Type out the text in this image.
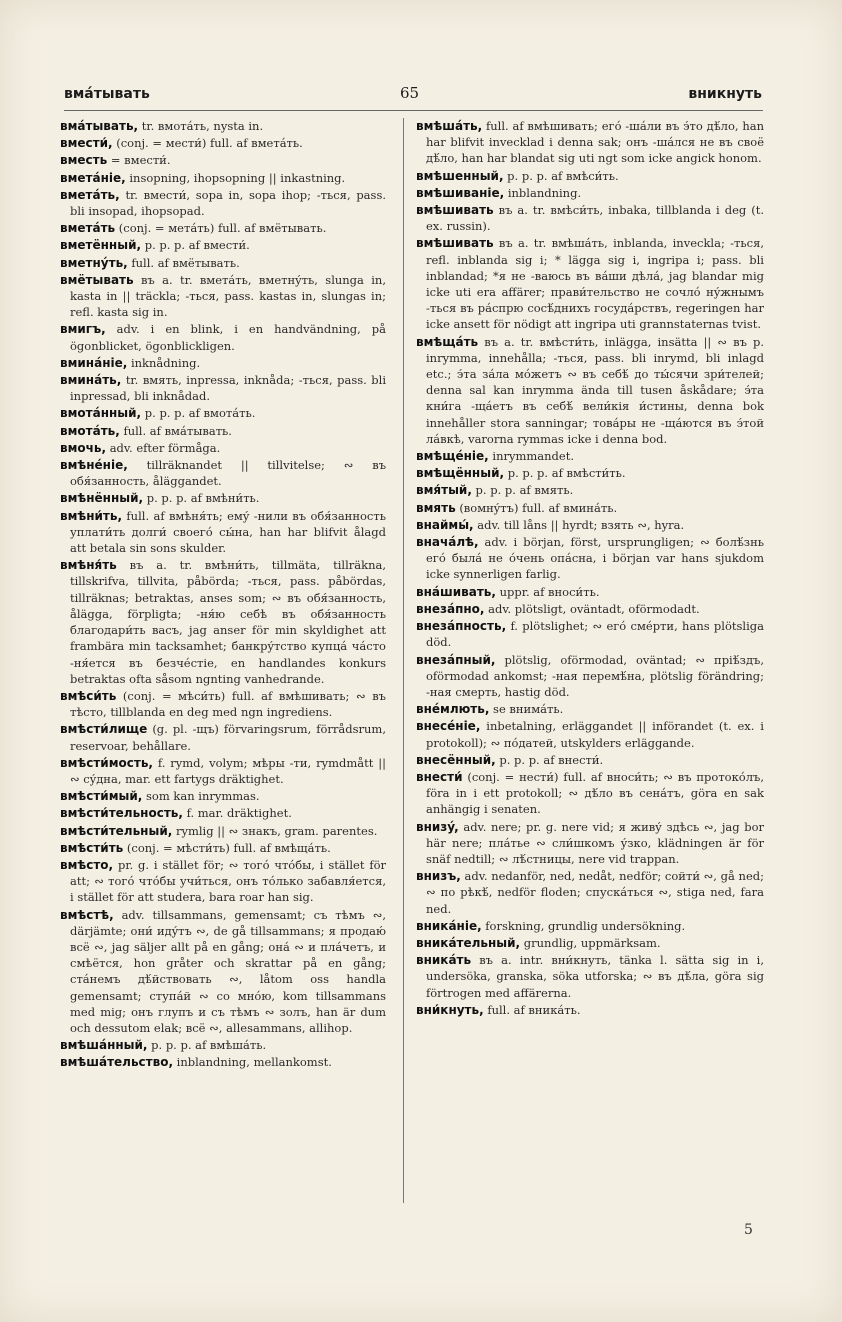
вмáтывать	65	вникнуть

вмáтывать, tr. вмотáть, nysta in.

вмести́, (conj. = мести́) full. af вметáть.

вместь = вмести́.

вметáніе, insopning, ihopsopning || inkastning.

вметáть, tr. вмести́, sopa in, sopa ihop; -ться, pass. bli insopad, ihopsopad.

вметáть (conj. = метáть) full. af вмётывать.

вметённый, p. p. p. af вмести́.

вметнýть, full. af вмётывать.

вмётывать въ a. tr. вметáть, вметнýть, slunga in, kasta in || träckla; -ться, pass. kastas in, slungas in; refl. kasta sig in.

вмигъ, adv. i en blink, i en handvändning, på ögonblicket, ögonblickligen.

вминáніе, inknådning.

вминáть, tr. вмять, inpressa, inknåda; -ться, pass. bli inpressad, bli inknådad.

вмотáнный, p. p. p. af вмотáть.

вмотáть, full. af вмáтывать.

вмочь, adv. efter förmåga.

вмѣнéніе, tillräknandet || tillvitelse; ∾ въ обя́занность, åläggandet.

вмѣнённый, p. p. p. af вмѣни́ть.

вмѣни́ть, full. af вмѣня́ть; емý -нили въ обя́занность уплати́ть долги́ своегó сы́на, han har blifvit ålagd att betala sin sons skulder.

вмѣня́ть въ a. tr. вмѣни́ть, tillmäta, tillräkna, tillskrifva, tillvita, påbörda; -ться, pass. påbördas, tillräknas; betraktas, anses som; ∾ въ обя́занность, ålägga, förpligta; -ня́ю себѣ въ обя́занность благодари́ть васъ, jag anser för min skyldighet att frambära min tacksamhet; банкрýтство купцá чáсто -ня́ется въ безчéстіе, en handlandes konkurs betraktas ofta såsom ngnting vanhedrande.

вмѣси́ть (conj. = мѣси́ть) full. af вмѣшивать; ∾ въ тѣсто, tillblanda en deg med ngn ingrediens.

вмѣсти́лище (g. pl. -щъ) förvaringsrum, förrådsrum, reservoar, behållare.

вмѣсти́мость, f. rymd, volym; мѣры -ти, rymdmått || ∾ сýдна, mar. ett fartygs dräktighet.

вмѣсти́мый, som kan inrymmas.

вмѣсти́тельность, f. mar. dräktighet.

вмѣсти́тельный, rymlig || ∾ знакъ, gram. parentes.

вмѣсти́ть (conj. = мѣсти́ть) full. af вмѣщáть.

вмѣсто, pr. g. i stället för; ∾ тогó чтóбы, i stället för att; ∾ тогó чтóбы учи́ться, онъ тóлько забавля́ется, i stället för att studera, bara roar han sig.

вмѣстѣ, adv. tillsammans, gemensamt; съ тѣмъ ∾, därjämte; они́ идýтъ ∾, de gå tillsammans; я продаю́ всё ∾, jag säljer allt på en gång; онá ∾ и плáчетъ, и смѣётся, hon gråter och skrattar på en gång; стáнемъ дѣ́йствовать ∾, låtom oss handla gemensamt; ступáй ∾ со мнóю, kom tillsammans med mig; онъ глупъ и съ тѣмъ ∾ золъ, han är dum och dessutom elak; всё ∾, allesammans, allihop.

вмѣшáнный, p. p. p. af вмѣшáть.

вмѣшáтельство, inblandning, mellankomst.

вмѣшáть, full. af вмѣшивать; егó -шáли въ э́то дѣ́ло, han har blifvit invecklad i denna sak; онъ -шáлся не въ своё дѣ́ло, han har blandat sig uti ngt som icke angick honom.

вмѣшенный, p. p. p. af вмѣси́ть.

вмѣшиваніе, inblandning.

вмѣшивать въ a. tr. вмѣси́ть, inbaka, tillblanda i deg (t. ex. russin).

вмѣшивать въ a. tr. вмѣшáть, inblanda, inveckla; -ться, refl. inblanda sig i; * lägga sig i, ingripa i; pass. bli inblandad; *я не -ваюсь въ вáши дѣлá, jag blandar mig icke uti era affärer; прави́тельство не сочлó нýжнымъ -ться въ рáспрю сосѣ́днихъ госудáрствъ, regeringen har icke ansett för nödigt att ingripa uti grannstaternas tvist.

вмѣщáть въ a. tr. вмѣсти́ть, inlägga, insätta || ∾ въ p. inrymma, innehålla; -ться, pass. bli inrymd, bli inlagd etc.; э́та зáла мóжетъ ∾ въ себѣ́ до ты́сячи зри́телей; denna sal kan inrymma ända till tusen åskådare; э́та кни́га -щáетъ въ себѣ́ вели́кія и́стины, denna bok innehåller stora sanningar; товáры не -щáются въ э́той лáвкѣ, varorna rymmas icke i denna bod.

вмѣщéніе, inrymmandet.

вмѣщённый, p. p. p. af вмѣсти́ть.

вмя́тый, p. p. p. af вмять.

вмять (вомнýтъ) full. af вминáть.

внаймы́, adv. till låns || hyrdt; взять ∾, hyra.

вначáлѣ, adv. i början, först, ursprungligen; ∾ болѣ́знь егó былá не óчень опáсна, i början var hans sjukdom icke synnerligen farlig.

внáшивать, uppr. af вноси́ть.

внезáпно, adv. plötsligt, oväntadt, oförmodadt.

внезáпность, f. plötslighet; ∾ егó смéрти, hans plötsliga död.

внезáпный, plötslig, oförmodad, oväntad; ∾ пріѣ́здъ, oförmodad ankomst; -ная перемѣ́на, plötslig förändring; -ная смерть, hastig död.

внéмлють, se внимáть.

внесéніе, inbetalning, erläggandet || införandet (t. ex. i protokoll); ∾ пóдатей, utskylders erläggande.

внесённый, p. p. p. af внести́.

внести́ (conj. = нести́) full. af вноси́ть; ∾ въ протокóлъ, föra in i ett protokoll; ∾ дѣ́ло въ сенáтъ, göra en sak anhängig i senaten.

внизý, adv. nere; pr. g. nere vid; я живý здѣсь ∾, jag bor här nere; плáтье ∾ сли́шкомъ ýзко, klädningen är för snäf nedtill; ∾ лѣ́стницы, nere vid trappan.

внизъ, adv. nedanför, ned, nedåt, nedför; сойти́ ∾, gå ned; ∾ по рѣкѣ́, nedför floden; спускáться ∾, stiga ned, fara ned.

вникáніе, forskning, grundlig undersökning.

вникáтельный, grundlig, uppmärksam.

вникáть въ a. intr. вни́кнуть, tänka l. sätta sig in i, undersöka, granska, söka utforska; ∾ въ дѣ́ла, göra sig förtrogen med affärerna.

вни́кнуть, full. af вникáть.

5
